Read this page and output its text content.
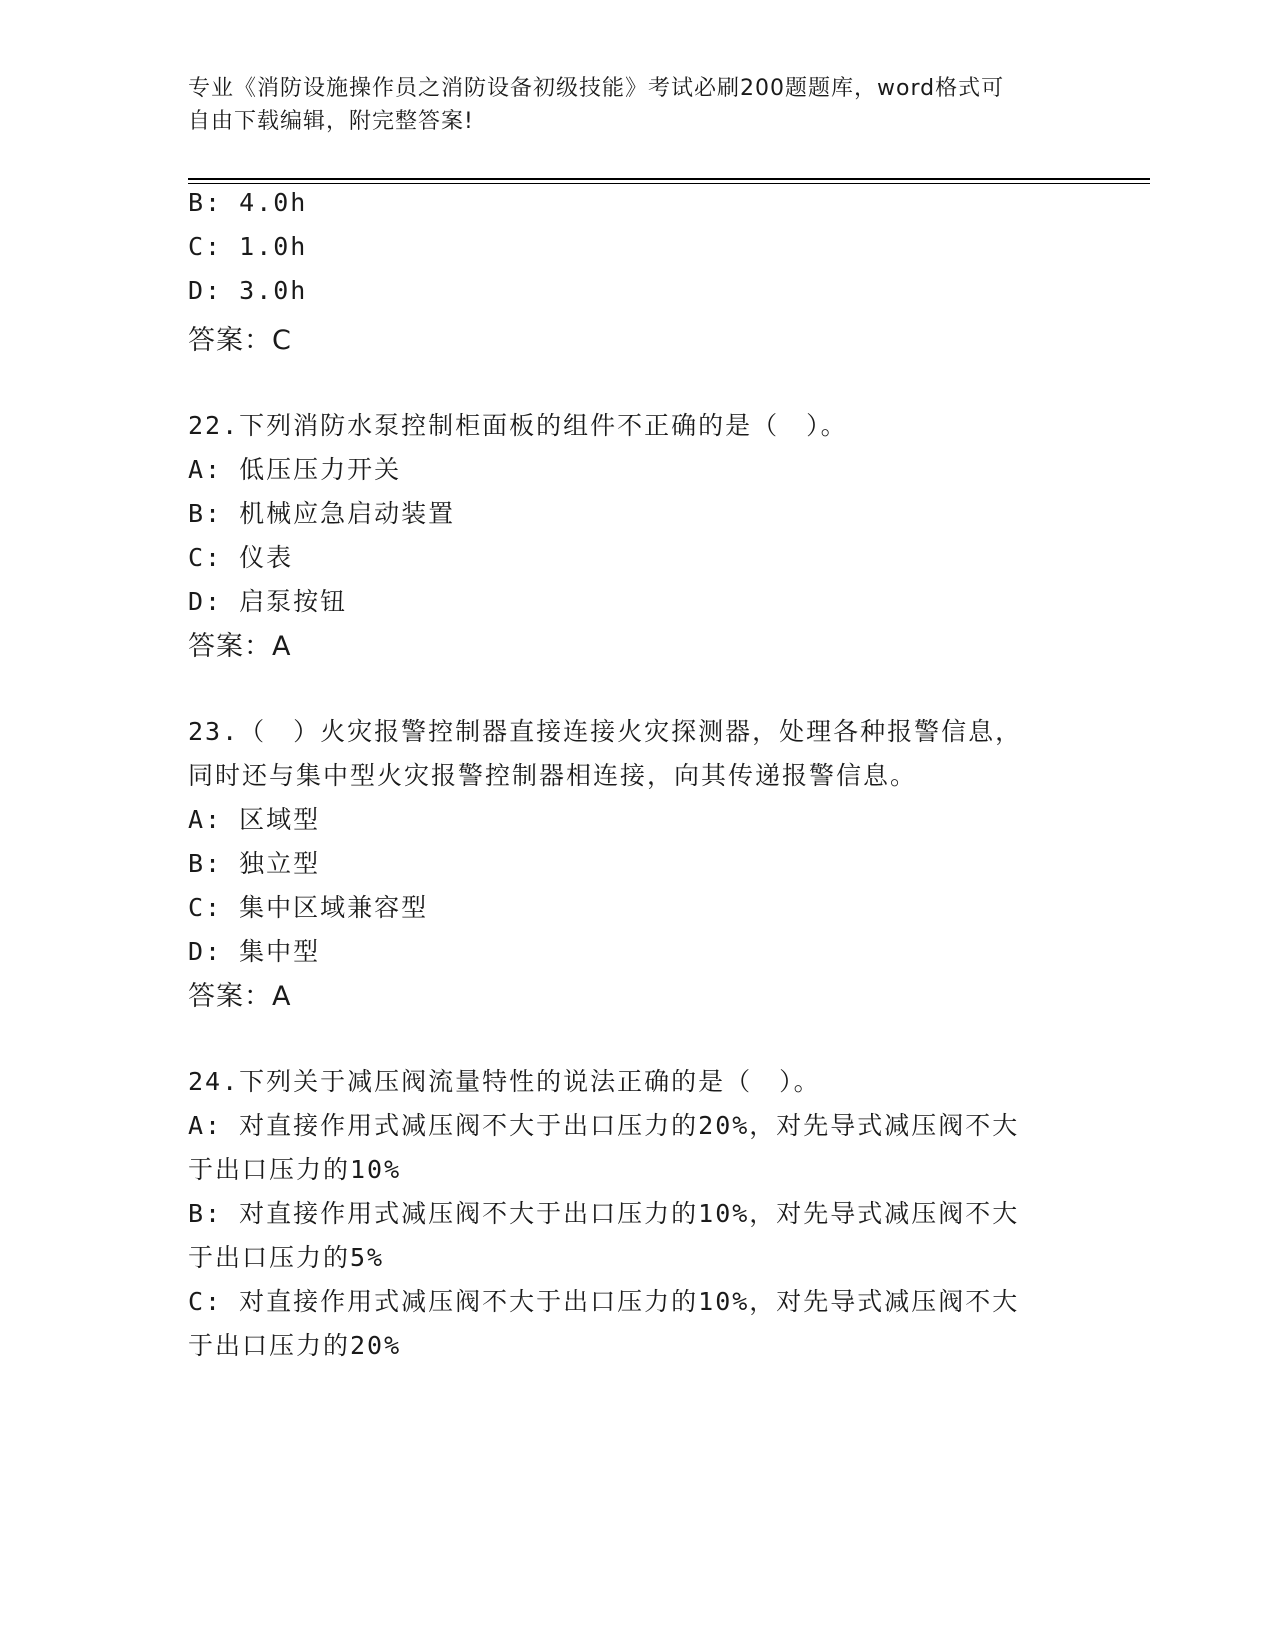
专业《消防设施操作员之消防设备初级技能》考试必刷200题题库，word格式可
自由下载编辑，附完整答案!
B: 4.0h
C: 1.0h
D: 3.0h
答案：C
22.下列消防水泵控制柜面板的组件不正确的是（　）。
A: 低压压力开关
B: 机械应急启动装置
C: 仪表
D: 启泵按钮
答案：A
23.（　）火灾报警控制器直接连接火灾探测器，处理各种报警信息，
同时还与集中型火灾报警控制器相连接，向其传递报警信息。
A: 区域型
B: 独立型
C: 集中区域兼容型
D: 集中型
答案：A
24.下列关于减压阀流量特性的说法正确的是（　）。
A: 对直接作用式减压阀不大于出口压力的20%，对先导式减压阀不大
于出口压力的10%
B: 对直接作用式减压阀不大于出口压力的10%，对先导式减压阀不大
于出口压力的5%
C: 对直接作用式减压阀不大于出口压力的10%，对先导式减压阀不大
于出口压力的20%
